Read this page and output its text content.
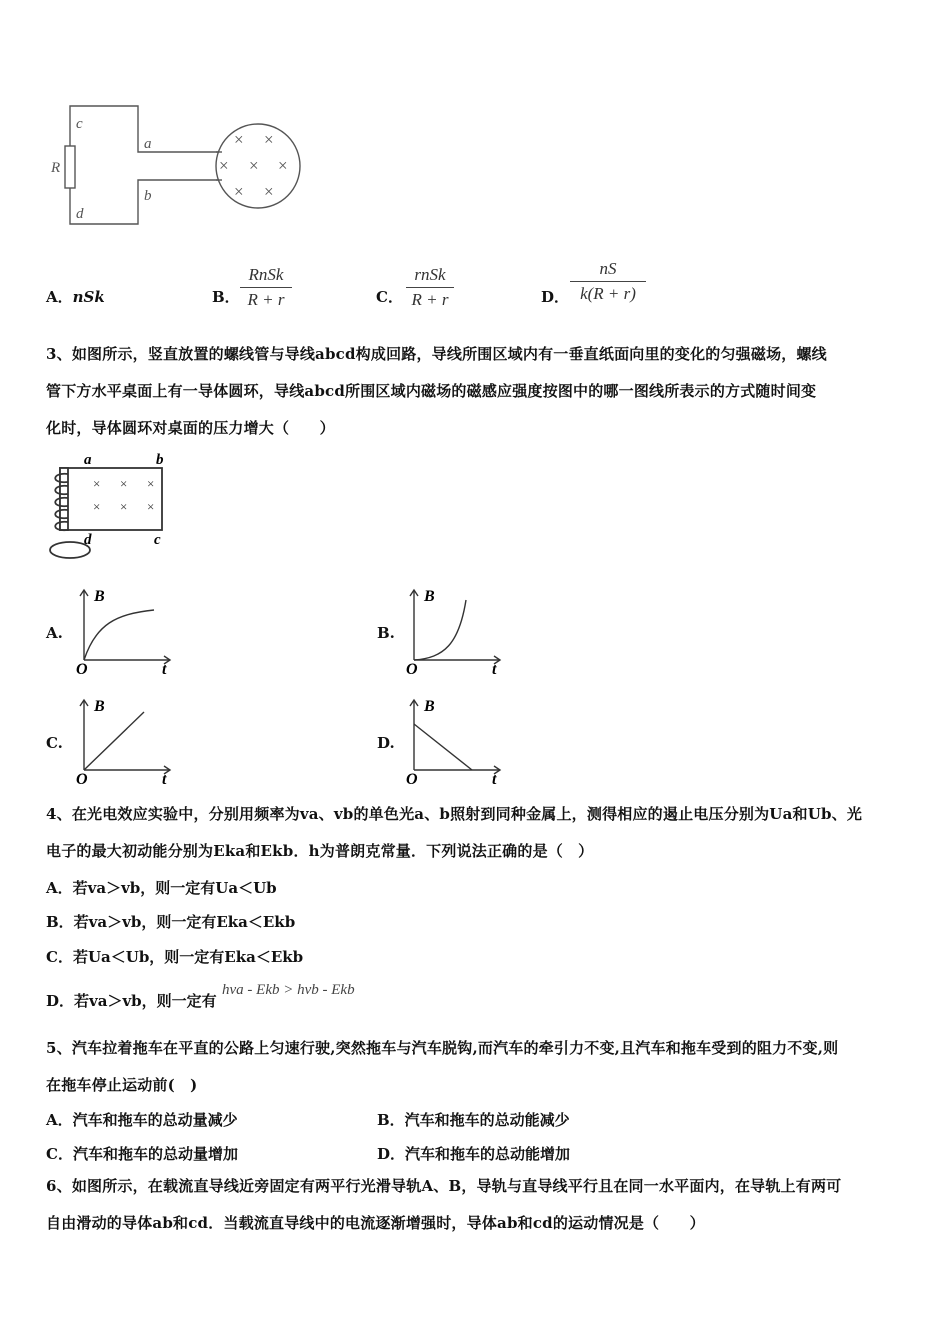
c
a
R
b
d
× ×
× × ×
× ×
A．nSk	B．
RnSk
R + r	C．
rnSk
R + r	D．
nS
k(R + r)
3、如图所示，竖直放置的螺线管与导线abcd构成回路，导线所围区域内有一垂直纸面向里的变化的匀强磁场，螺线
管下方水平桌面上有一导体圆环，导线abcd所围区域内磁场的磁感应强度按图中的哪一图线所表示的方式随时间变
化时，导体圆环对桌面的压力增大（　　）
a	b
d	c
× × ×
× × ×
A.
B
O	t
B.
B
O	t
C.
B
O	t
D.
B
O	t
4、在光电效应实验中，分别用频率为va、vb的单色光a、b照射到同种金属上，测得相应的遏止电压分别为Ua和Ub、光
电子的最大初动能分别为Eka和Ekb．h为普朗克常量．下列说法正确的是（　）
A．若va＞vb，则一定有Ua＜Ub
B．若va＞vb，则一定有Eka＜Ekb
C．若Ua＜Ub，则一定有Eka＜Ekb
D．若va＞vb，则一定有
hva - Ekb > hvb - Ekb
5、汽车拉着拖车在平直的公路上匀速行驶,突然拖车与汽车脱钩,而汽车的牵引力不变,且汽车和拖车受到的阻力不变,则
在拖车停止运动前(　)
A．汽车和拖车的总动量减少	B．汽车和拖车的总动能减少
C．汽车和拖车的总动量增加	D．汽车和拖车的总动能增加
6、如图所示，在载流直导线近旁固定有两平行光滑导轨A、B，导轨与直导线平行且在同一水平面内，在导轨上有两可
自由滑动的导体ab和cd．当载流直导线中的电流逐渐增强时，导体ab和cd的运动情况是（　　）
